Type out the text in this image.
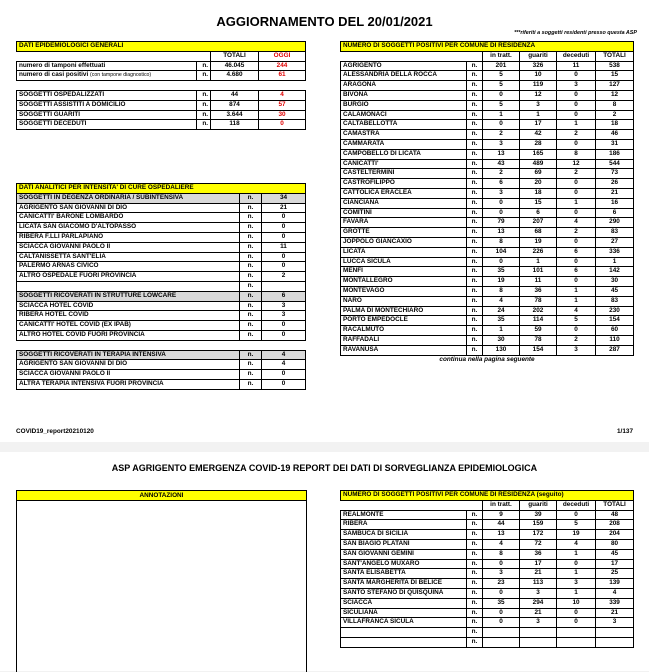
AGGIORNAMENTO DEL 20/01/2021
***riferiti a soggetti residenti presso questa ASP
DATI EPIDEMIOLOGICI GENERALI			
		TOTALI	OGGI
numero di tamponi effettuati	n.	46.045	244
numero di casi positivi (con tampone diagnostico)	n.	4.680	61

SOGGETTI OSPEDALIZZATI	n.	44	4
SOGGETTI ASSISTITI A DOMICILIO	n.	874	57
SOGGETTI GUARITI	n.	3.644	30
SOGGETTI DECEDUTI	n.	118	0
DATI ANALITICI PER INTENSITA' DI CURE OSPEDALIERE		
SOGGETTI IN DEGENZA ORDINARIA / SUBINTENSIVA	n.	34
AGRIGENTO SAN GIOVANNI DI DIO	n.	21
CANICATTI' BARONE LOMBARDO	n.	0
LICATA SAN GIACOMO D'ALTOPASSO	n.	0
RIBERA F.LLI PARLAPIANO	n.	0
SCIACCA GIOVANNI PAOLO II	n.	11
CALTANISSETTA SANT'ELIA	n.	0
PALERMO ARNAS CIVICO	n.	0
ALTRO OSPEDALE FUORI PROVINCIA	n.	2
	n.	
SOGGETTI RICOVERATI IN STRUTTURE LOWCARE	n.	6
SCIACCA HOTEL COVID	n.	3
RIBERA HOTEL COVID	n.	3
CANICATTI' HOTEL COVID (EX IPAB)	n.	0
ALTRO HOTEL COVID FUORI PROVINCIA	n.	0

SOGGETTI RICOVERATI IN TERAPIA INTENSIVA	n.	4
AGRIGENTO SAN GIOVANNI DI DIO	n.	4
SCIACCA GIOVANNI PAOLO II	n.	0
ALTRA TERAPIA INTENSIVA FUORI PROVINCIA	n.	0
NUMERO DI SOGGETTI POSITIVI PER COMUNE DI RESIDENZA					
		in tratt.	guariti	deceduti	TOTALI
AGRIGENTO	n.	201	326	11	538
ALESSANDRIA DELLA ROCCA	n.	5	10	0	15
ARAGONA	n.	5	119	3	127
BIVONA	n.	0	12	0	12
BURGIO	n.	5	3	0	8
CALAMONACI	n.	1	1	0	2
CALTABELLOTTA	n.	0	17	1	18
CAMASTRA	n.	2	42	2	46
CAMMARATA	n.	3	28	0	31
CAMPOBELLO DI LICATA	n.	13	165	8	186
CANICATTI'	n.	43	489	12	544
CASTELTERMINI	n.	2	69	2	73
CASTROFILIPPO	n.	6	20	0	26
CATTOLICA ERACLEA	n.	3	18	0	21
CIANCIANA	n.	0	15	1	16
COMITINI	n.	0	6	0	6
FAVARA	n.	79	207	4	290
GROTTE	n.	13	68	2	83
JOPPOLO GIANCAXIO	n.	8	19	0	27
LICATA	n.	104	226	6	336
LUCCA SICULA	n.	0	1	0	1
MENFI	n.	35	101	6	142
MONTALLEGRO	n.	19	11	0	30
MONTEVAGO	n.	8	36	1	45
NARO	n.	4	78	1	83
PALMA DI MONTECHIARO	n.	24	202	4	230
PORTO EMPEDOCLE	n.	35	114	5	154
RACALMUTO	n.	1	59	0	60
RAFFADALI	n.	30	78	2	110
RAVANUSA	n.	130	154	3	287
continua nella pagina seguente					
COVID19_report20210120	1/137
ASP AGRIGENTO EMERGENZA COVID-19 REPORT DEI DATI DI SORVEGLIANZA EPIDEMIOLOGICA
ANNOTAZIONI	NUMERO DI SOGGETTI POSITIVI PER COMUNE DI RESIDENZA (seguito)					
		in tratt.	guariti	deceduti	TOTALI
REALMONTE	n.	9	39	0	48
RIBERA	n.	44	159	5	208
SAMBUCA DI SICILIA	n.	13	172	19	204
SAN BIAGIO PLATANI	n.	4	72	4	80
SAN GIOVANNI GEMINI	n.	8	36	1	45
SANT'ANGELO MUXARO	n.	0	17	0	17
SANTA ELISABETTA	n.	3	21	1	25
SANTA MARGHERITA DI BELICE	n.	23	113	3	139
SANTO STEFANO DI QUISQUINA	n.	0	3	1	4
SCIACCA	n.	35	294	10	339
SICULIANA	n.	0	21	0	21
VILLAFRANCA SICULA	n.	0	3	0	3
	n.				
	n.				
